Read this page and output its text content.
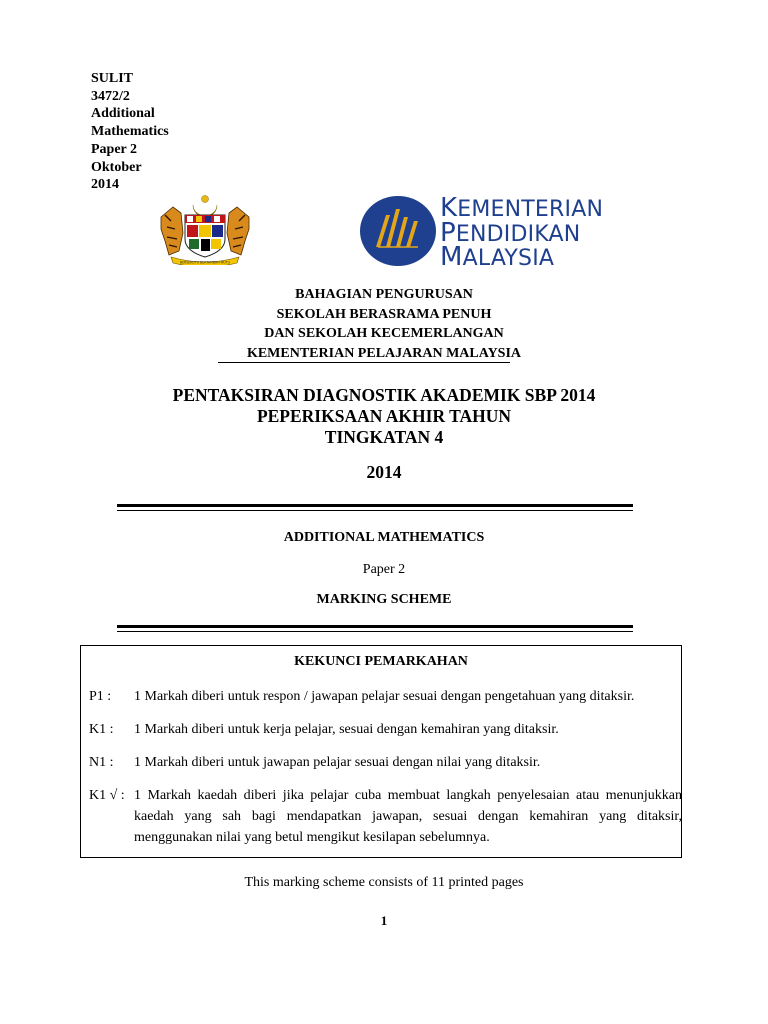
SULIT
3472/2
Additional
Mathematics
Paper 2
Oktober
2014
BERSEKUTU BERTAMBAH MUTU
KEMENTERIAN
PENDIDIKAN
MALAYSIA
BAHAGIAN PENGURUSAN
SEKOLAH BERASRAMA PENUH
DAN SEKOLAH KECEMERLANGAN
KEMENTERIAN PELAJARAN MALAYSIA
PENTAKSIRAN DIAGNOSTIK AKADEMIK SBP 2014
PEPERIKSAAN AKHIR TAHUN
TINGKATAN 4
2014
ADDITIONAL MATHEMATICS
Paper 2
MARKING SCHEME
KEKUNCI PEMARKAHAN
P1 : 1 Markah diberi untuk respon / jawapan pelajar sesuai dengan pengetahuan yang ditaksir.
K1 : 1 Markah diberi untuk kerja pelajar, sesuai dengan kemahiran yang ditaksir.
N1 : 1 Markah diberi untuk jawapan pelajar sesuai dengan nilai yang ditaksir.
K1 √ : 1 Markah kaedah diberi jika pelajar cuba membuat langkah penyelesaian atau menunjukkan kaedah yang sah bagi mendapatkan jawapan, sesuai dengan kemahiran yang ditaksir, menggunakan nilai yang betul mengikut kesilapan sebelumnya.
This marking scheme consists of 11 printed pages
1
